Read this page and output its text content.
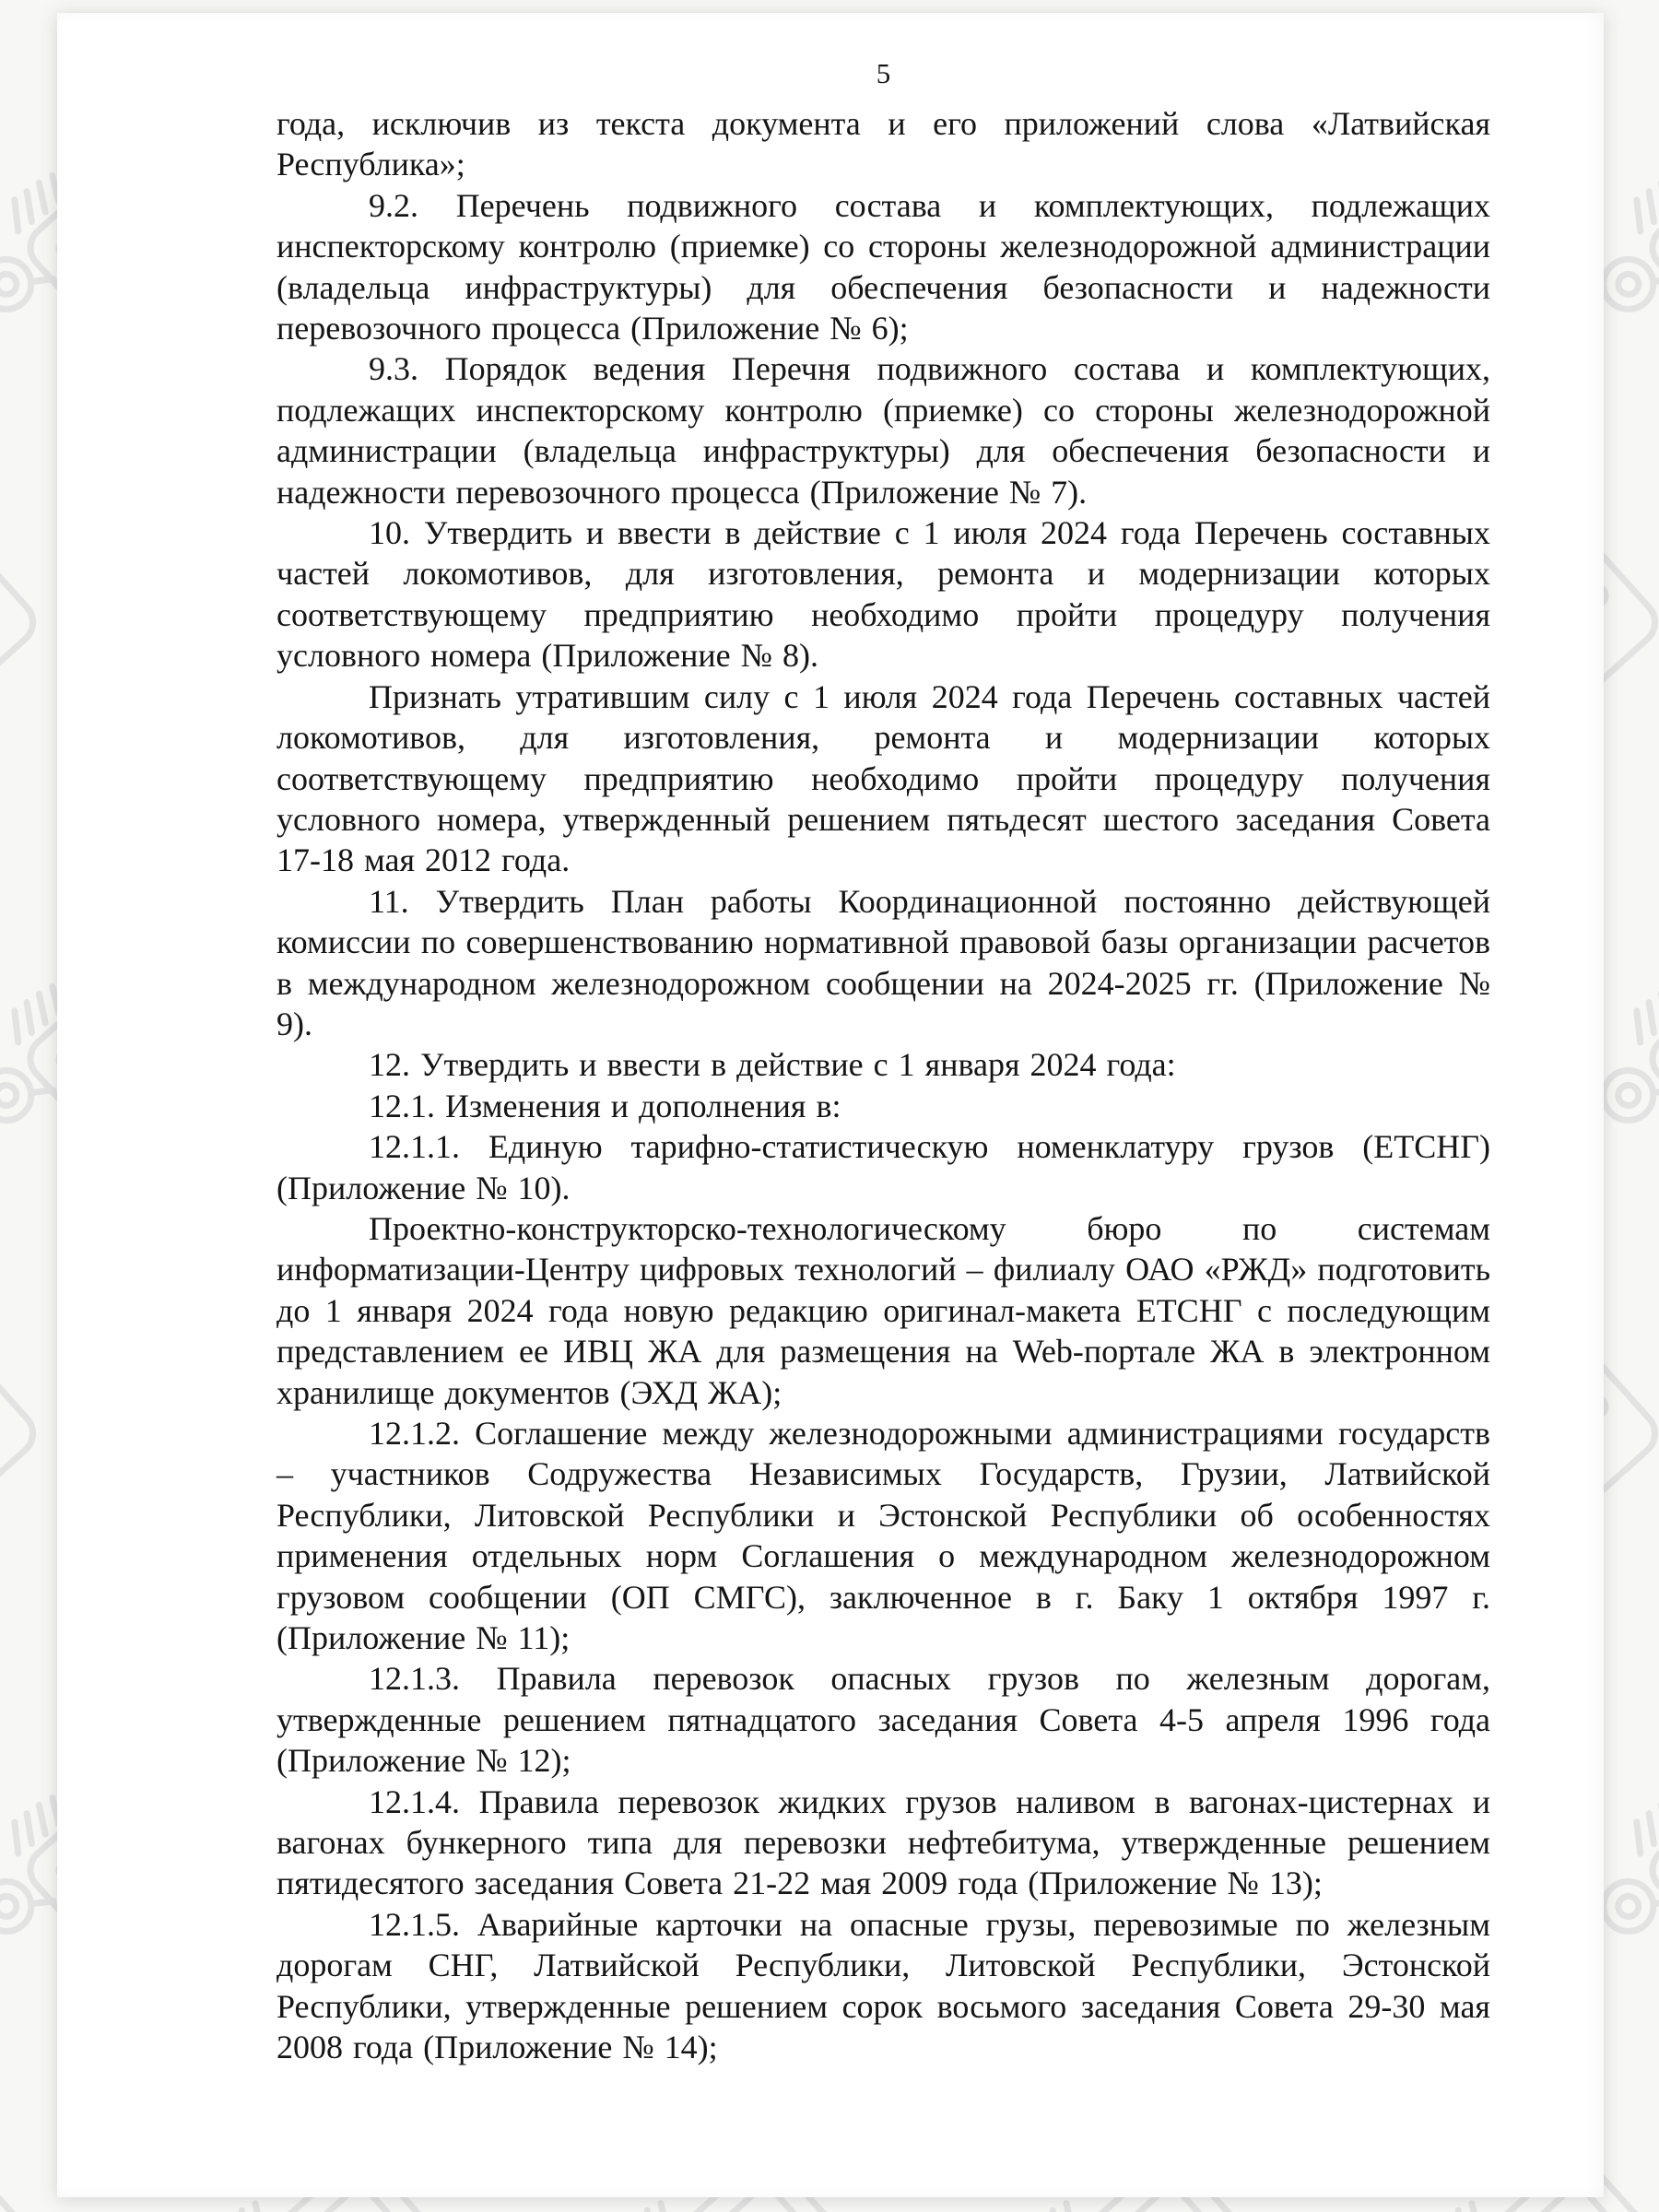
5

года, исключив из текста документа и его приложений слова «Латвийская Республика»;

9.2. Перечень подвижного состава и комплектующих, подлежащих инспекторскому контролю (приемке) со стороны железнодорожной администрации (владельца инфраструктуры) для обеспечения безопасности и надежности перевозочного процесса (Приложение № 6);

9.3. Порядок ведения Перечня подвижного состава и комплектующих, подлежащих инспекторскому контролю (приемке) со стороны железнодорожной администрации (владельца инфраструктуры) для обеспечения безопасности и надежности перевозочного процесса (Приложение № 7).

10. Утвердить и ввести в действие с 1 июля 2024 года Перечень составных частей локомотивов, для изготовления, ремонта и модернизации которых соответствующему предприятию необходимо пройти процедуру получения условного номера (Приложение № 8).

Признать утратившим силу с 1 июля 2024 года Перечень составных частей локомотивов, для изготовления, ремонта и модернизации которых соответствующему предприятию необходимо пройти процедуру получения условного номера, утвержденный решением пятьдесят шестого заседания Совета 17-18 мая 2012 года.

11. Утвердить План работы Координационной постоянно действующей комиссии по совершенствованию нормативной правовой базы организации расчетов в международном железнодорожном сообщении на 2024-2025 гг. (Приложение № 9).

12. Утвердить и ввести в действие с 1 января 2024 года:

12.1. Изменения и дополнения в:

12.1.1. Единую тарифно-статистическую номенклатуру грузов (ЕТСНГ) (Приложение № 10).

Проектно-конструкторско-технологическому бюро по системам информатизации-Центру цифровых технологий – филиалу ОАО «РЖД» подготовить до 1 января 2024 года новую редакцию оригинал-макета ЕТСНГ с последующим представлением ее ИВЦ ЖА для размещения на Web-портале ЖА в электронном хранилище документов (ЭХД ЖА);

12.1.2. Соглашение между железнодорожными администрациями государств – участников Содружества Независимых Государств, Грузии, Латвийской Республики, Литовской Республики и Эстонской Республики об особенностях применения отдельных норм Соглашения о международном железнодорожном грузовом сообщении (ОП СМГС), заключенное в г. Баку 1 октября 1997 г. (Приложение № 11);

12.1.3. Правила перевозок опасных грузов по железным дорогам, утвержденные решением пятнадцатого заседания Совета 4-5 апреля 1996 года (Приложение № 12);

12.1.4. Правила перевозок жидких грузов наливом в вагонах-цистернах и вагонах бункерного типа для перевозки нефтебитума, утвержденные решением пятидесятого заседания Совета 21-22 мая 2009 года (Приложение № 13);

12.1.5. Аварийные карточки на опасные грузы, перевозимые по железным дорогам СНГ, Латвийской Республики, Литовской Республики, Эстонской Республики, утвержденные решением сорок восьмого заседания Совета 29-30 мая 2008 года (Приложение № 14);
